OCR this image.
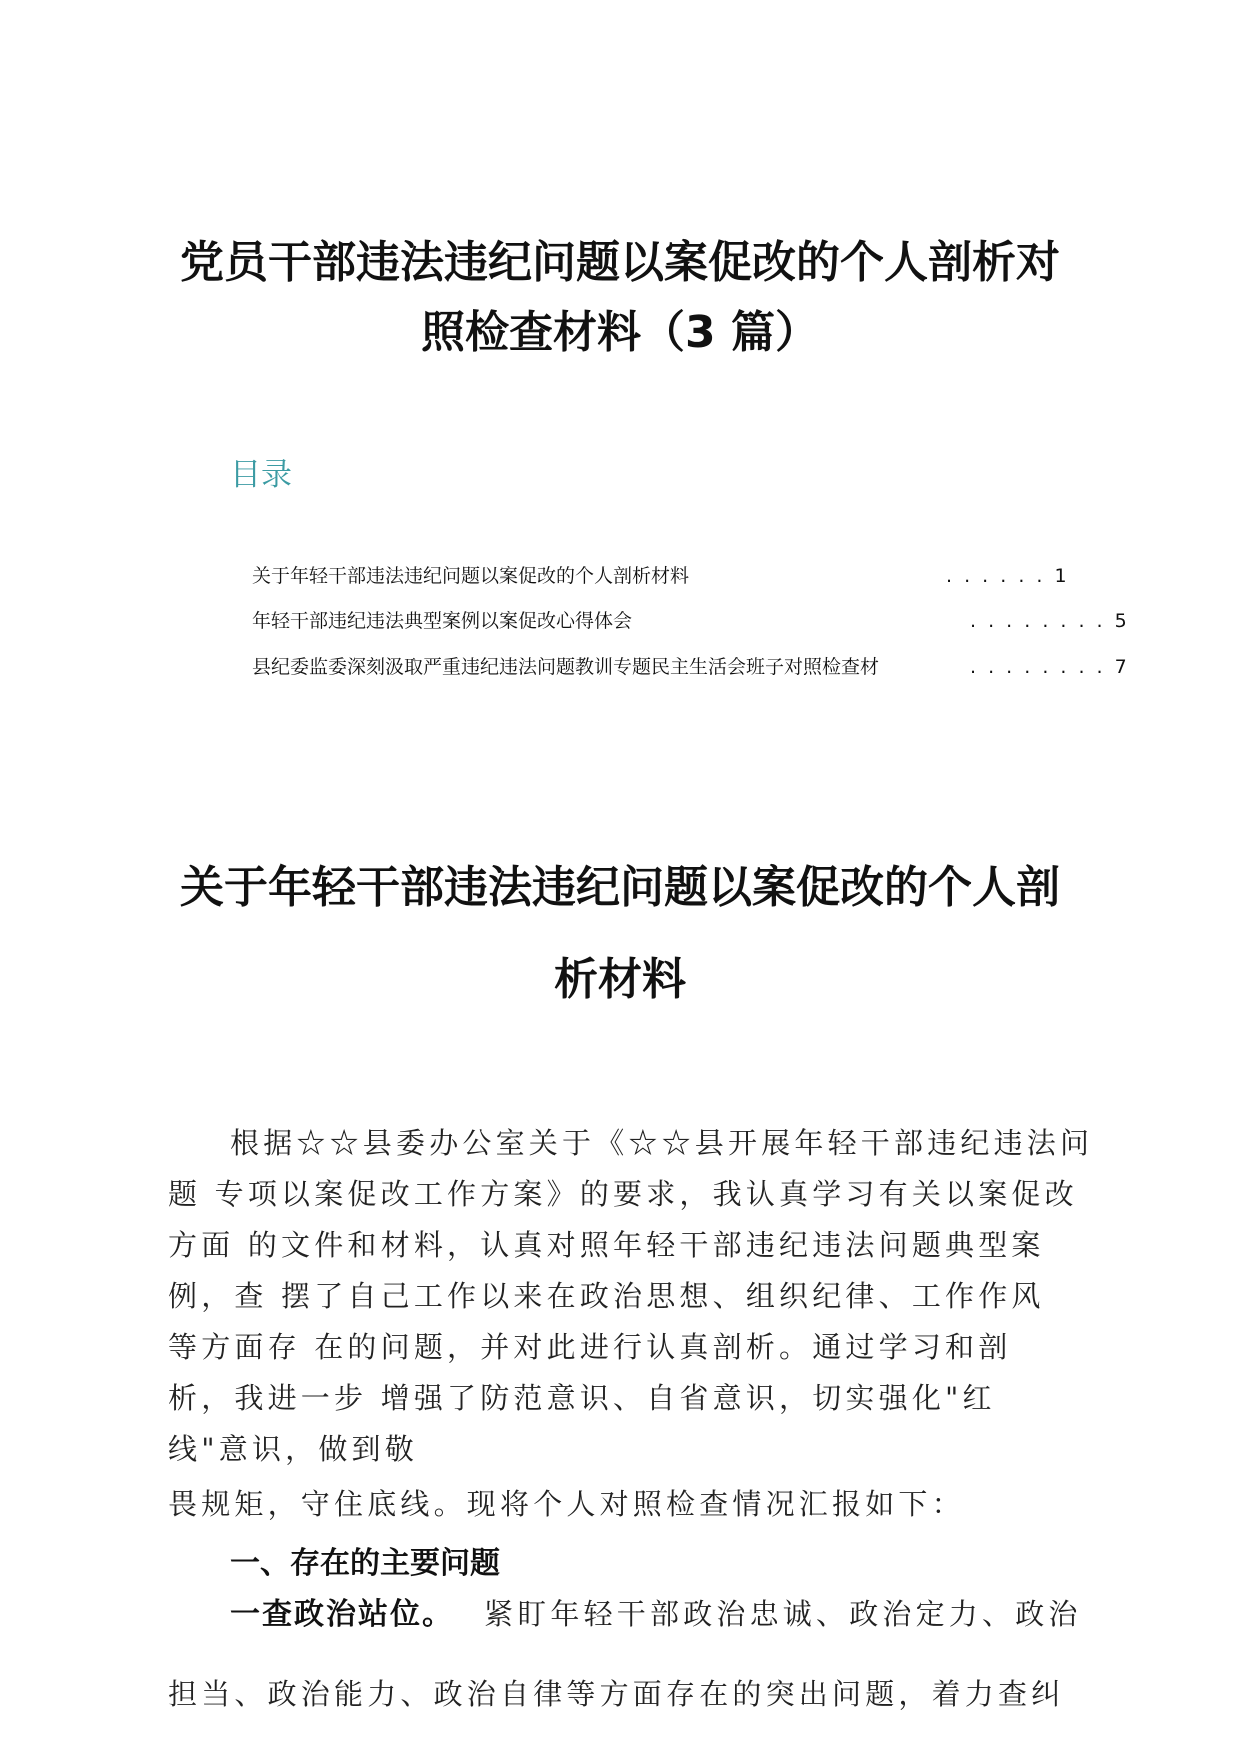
党员干部违法违纪问题以案促改的个人剖析对
照检查材料（3 篇）
目录
关于年轻干部违法违纪问题以案促改的个人剖析材料	. . . . . . 1
年轻干部违纪违法典型案例以案促改心得体会	. . . . . . . . 5
县纪委监委深刻汲取严重违纪违法问题教训专题民主生活会班子对照检查材	. . . . . . . . 7
关于年轻干部违法违纪问题以案促改的个人剖
析材料
根据☆☆县委办公室关于《☆☆县开展年轻干部违纪违法问
题 专项以案促改工作方案》的要求，我认真学习有关以案促改
方面 的文件和材料，认真对照年轻干部违纪违法问题典型案
例，查 摆了自己工作以来在政治思想、组织纪律、工作作风
等方面存 在的问题，并对此进行认真剖析。通过学习和剖
析，我进一步 增强了防范意识、自省意识，切实强化"红
线"意识，做到敬

畏规矩，守住底线。现将个人对照检查情况汇报如下：

一、存在的主要问题

一查政治站位。 紧盯年轻干部政治忠诚、政治定力、政治

担当、政治能力、政治自律等方面存在的突出问题，着力查纠
